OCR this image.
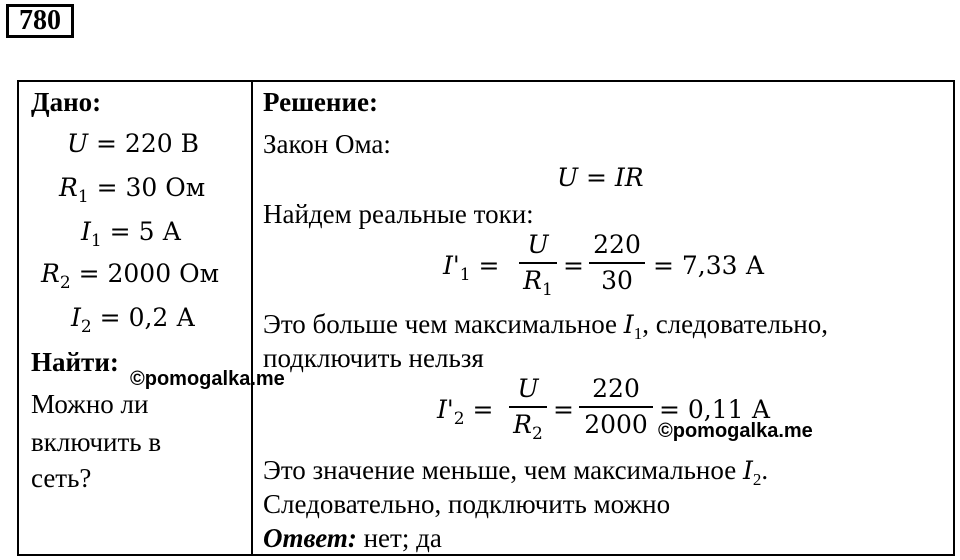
780
Дано:
U = 220 В
$R_1 = 30$ Ом
$I_1 = 5$ А
$R_2 = 2000$ Ом
$I_2 = 0,2$ А
Найти:
Можно ли
включить в
сеть?
Решение:
Закон Ома:
U = IR
Найдем реальные токи:
$I'_1$ =
U
$R_1$
=
220
30
= 7,33 А
Это больше чем максимальное $I_1$, следовательно,
подключить нельзя
$I'_2$ =
U
$R_2$
=
220
2000
= 0,11 А
Это значение меньше, чем максимальное $I_2$.
Следовательно, подключить можно
Ответ: нет; да
©pomogalka.me
©pomogalka.me
